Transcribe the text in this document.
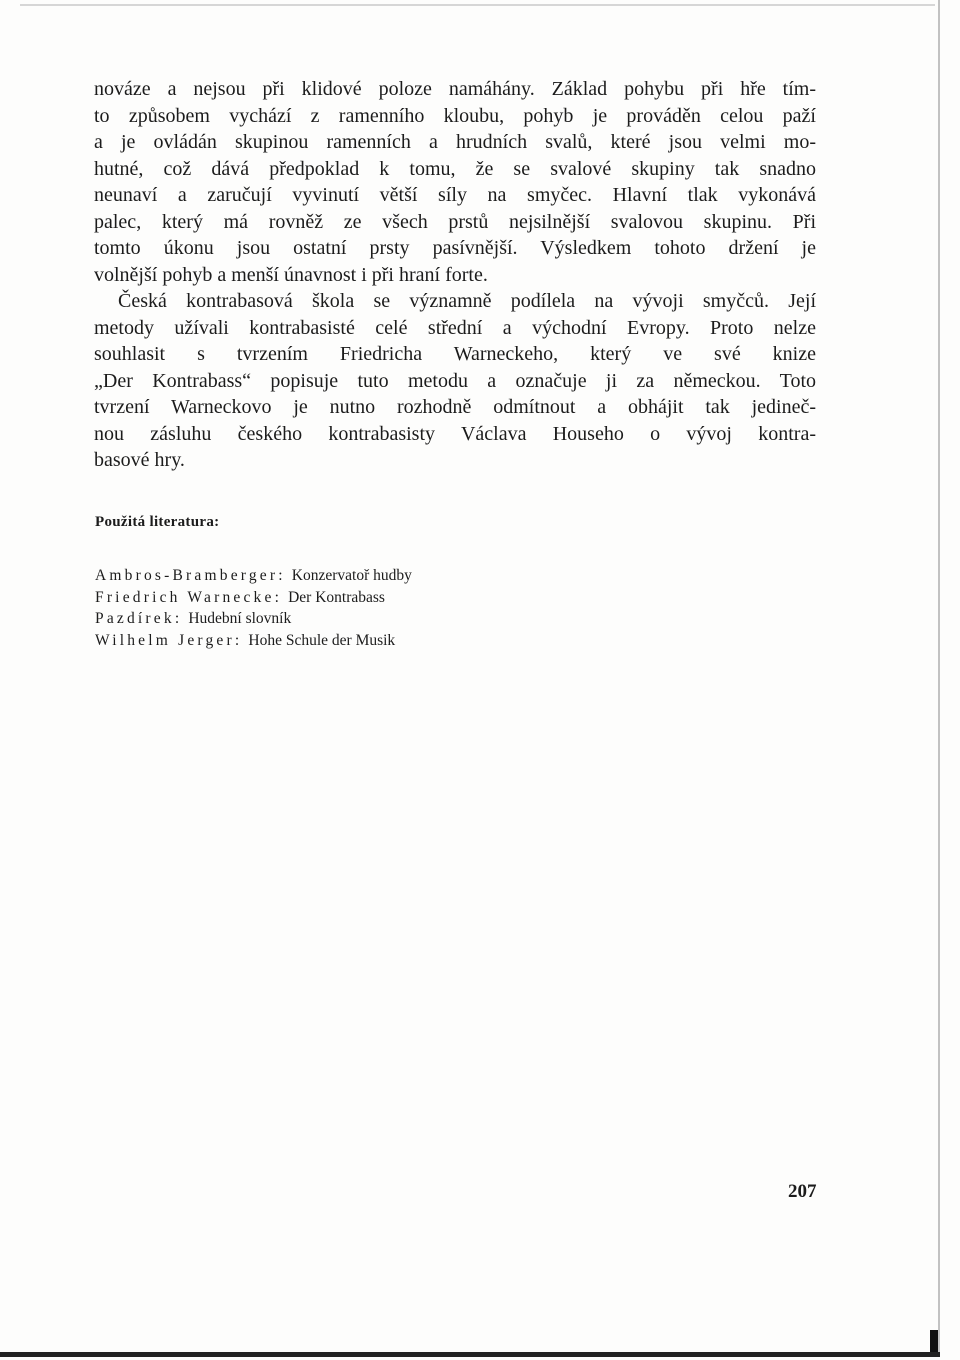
nováze a nejsou při klidové poloze namáhány. Základ pohybu při hře tím-
to způsobem vychází z ramenního kloubu, pohyb je prováděn celou paží
a je ovládán skupinou ramenních a hrudních svalů, které jsou velmi mo-
hutné, což dává předpoklad k tomu, že se svalové skupiny tak snadno
neunaví a zaručují vyvinutí větší síly na smyčec. Hlavní tlak vykonává
palec, který má rovněž ze všech prstů nejsilnější svalovou skupinu. Při
tomto úkonu jsou ostatní prsty pasívnější. Výsledkem tohoto držení je
volnější pohyb a menší únavnost i při hraní forte.
Česká kontrabasová škola se významně podílela na vývoji smyčců. Její
metody užívali kontrabasisté celé střední a východní Evropy. Proto nelze
souhlasit s tvrzením Friedricha Warneckeho, který ve své knize
„Der Kontrabass“ popisuje tuto metodu a označuje ji za německou. Toto
tvrzení Warneckovo je nutno rozhodně odmítnout a obhájit tak jedineč-
nou zásluhu českého kontrabasisty Václava Househo o vývoj kontra-
basové hry.
Použitá literatura:
Ambros-Bramberger: Konzervatoř hudby
Friedrich Warnecke: Der Kontrabass
Pazdírek: Hudební slovník
Wilhelm Jerger: Hohe Schule der Musik
207
